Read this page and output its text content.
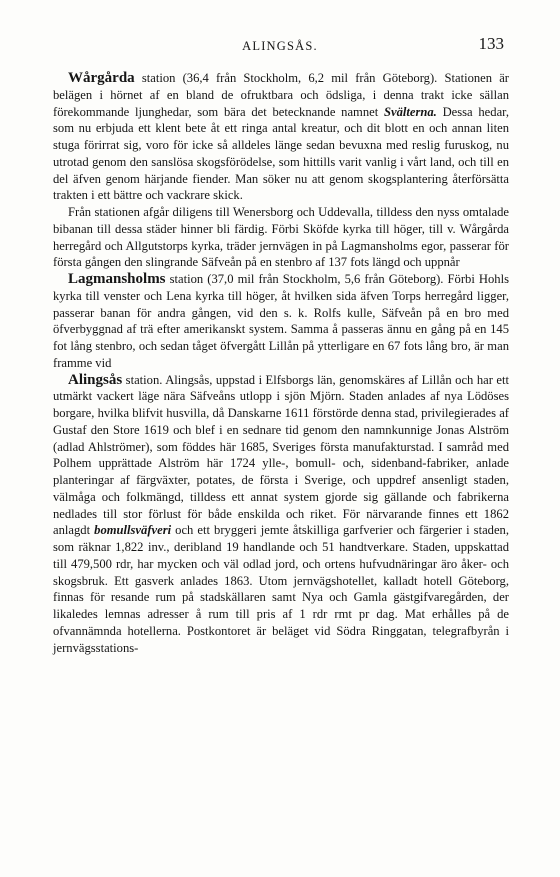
ALINGSÅS.	133

Wårgårda station (36,4 från Stockholm, 6,2 mil från Göteborg). Stationen är belägen i hörnet af en bland de ofruktbara och ödsliga, i denna trakt icke sällan förekommande ljunghedar, som bära det betecknande namnet Svälterna. Dessa hedar, som nu erbjuda ett klent bete åt ett ringa antal kreatur, och dit blott en och annan liten stuga förirrat sig, voro för icke så alldeles länge sedan bevuxna med reslig furuskog, nu utrotad genom den sanslösa skogsförödelse, som hittills varit vanlig i vårt land, och till en del äfven genom härjande fiender. Man söker nu att genom skogsplantering återförsätta trakten i ett bättre och vackrare skick.

Från stationen afgår diligens till Wenersborg och Uddevalla, tilldess den nyss omtalade bibanan till dessa städer hinner bli färdig. Förbi Sköfde kyrka till höger, till v. Wårgårda herregård och Allgutstorps kyrka, träder jernvägen in på Lagmansholms egor, passerar för första gången den slingrande Säfveån på en stenbro af 137 fots längd och uppnår

Lagmansholms station (37,0 mil från Stockholm, 5,6 från Göteborg). Förbi Hohls kyrka till venster och Lena kyrka till höger, åt hvilken sida äfven Torps herregård ligger, passerar banan för andra gången, vid den s. k. Rolfs kulle, Säfveån på en bro med öfverbyggnad af trä efter amerikanskt system. Samma å passeras ännu en gång på en 145 fot lång stenbro, och sedan tåget öfvergått Lillån på ytterligare en 67 fots lång bro, är man framme vid

Alingsås station. Alingsås, uppstad i Elfsborgs län, genomskäres af Lillån och har ett utmärkt vackert läge nära Säfveåns utlopp i sjön Mjörn. Staden anlades af nya Lödöses borgare, hvilka blifvit husvilla, då Danskarne 1611 förstörde denna stad, privilegierades af Gustaf den Store 1619 och blef i en sednare tid genom den namnkunnige Jonas Alström (adlad Ahlströmer), som föddes här 1685, Sveriges första manufakturstad. I samråd med Polhem upprättade Alström här 1724 ylle-, bomull- och, sidenband-fabriker, anlade planteringar af färgväxter, potates, de första i Sverige, och uppdref ansenligt staden, välmåga och folkmängd, tilldess ett annat system gjorde sig gällande och fabrikerna nedlades till stor förlust för både enskilda och riket. För närvarande finnes ett 1862 anlagdt bomullsväfveri och ett bryggeri jemte åtskilliga garfverier och färgerier i staden, som räknar 1,822 inv., deribland 19 handlande och 51 handtverkare. Staden, uppskattad till 479,500 rdr, har mycken och väl odlad jord, och ortens hufvudnäringar äro åker- och skogsbruk. Ett gasverk anlades 1863. Utom jernvägshotellet, kalladt hotell Göteborg, finnas för resande rum på stadskällaren samt Nya och Gamla gästgifvaregården, der likaledes lemnas adresser å rum till pris af 1 rdr rmt pr dag. Mat erhålles på de ofvannämnda hotellerna. Postkontoret är beläget vid Södra Ringgatan, telegrafbyrån i jernvägsstations-
